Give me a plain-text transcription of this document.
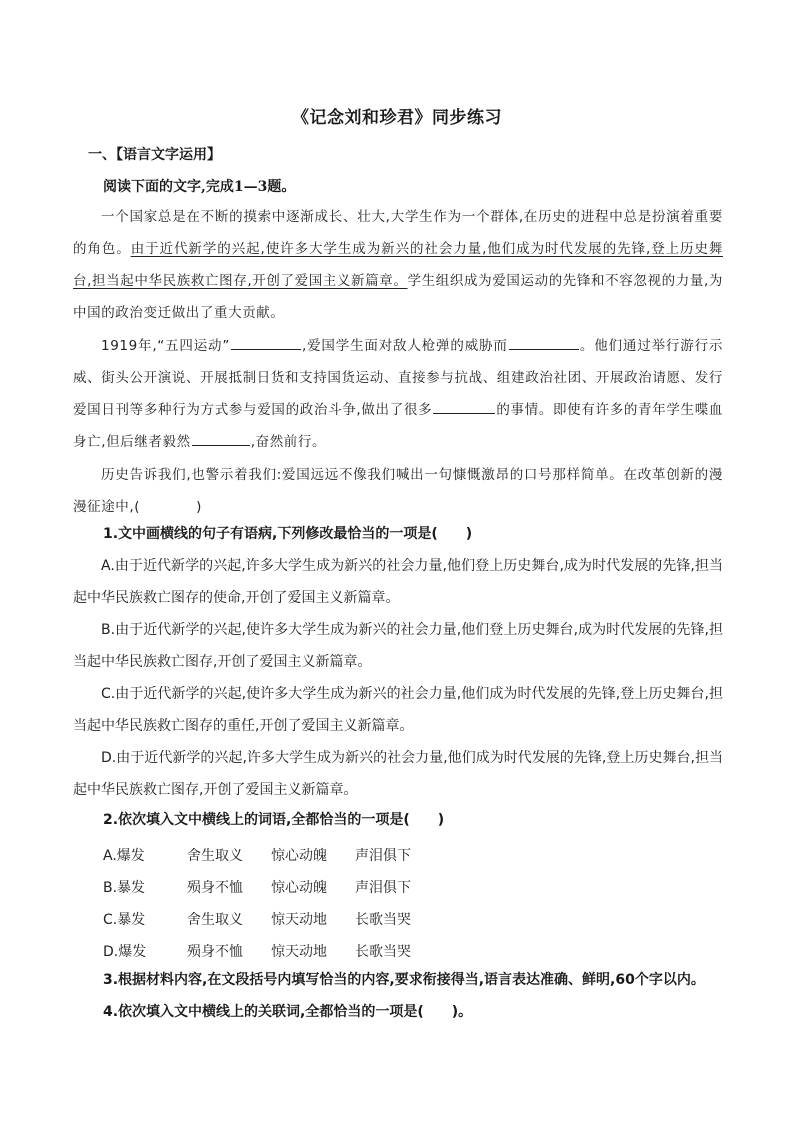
《记念刘和珍君》同步练习
一、【语言文字运用】
阅读下面的文字,完成1—3题。
一个国家总是在不断的摸索中逐渐成长、壮大,大学生作为一个群体,在历史的进程中总是扮演着重要的角色。由于近代新学的兴起,使许多大学生成为新兴的社会力量,他们成为时代发展的先锋,登上历史舞台,担当起中华民族救亡图存,开创了爱国主义新篇章。学生组织成为爱国运动的先锋和不容忽视的力量,为中国的政治变迁做出了重大贡献。
1919年,“五四运动”	,爱国学生面对敌人枪弹的威胁而	。他们通过举行游行示威、街头公开演说、开展抵制日货和支持国货运动、直接参与抗战、组建政治社团、开展政治请愿、发行爱国日刊等多种行为方式参与爱国的政治斗争,做出了很多	的事情。即使有许多的青年学生喋血身亡,但后继者毅然	,奋然前行。
历史告诉我们,也警示着我们:爱国远远不像我们喊出一句慷慨激昂的口号那样简单。在改革创新的漫漫征途中,(	)
1.文中画横线的句子有语病,下列修改最恰当的一项是(　　)
A.由于近代新学的兴起,许多大学生成为新兴的社会力量,他们登上历史舞台,成为时代发展的先锋,担当起中华民族救亡图存的使命,开创了爱国主义新篇章。
B.由于近代新学的兴起,使许多大学生成为新兴的社会力量,他们登上历史舞台,成为时代发展的先锋,担当起中华民族救亡图存,开创了爱国主义新篇章。
C.由于近代新学的兴起,使许多大学生成为新兴的社会力量,他们成为时代发展的先锋,登上历史舞台,担当起中华民族救亡图存的重任,开创了爱国主义新篇章。
D.由于近代新学的兴起,许多大学生成为新兴的社会力量,他们成为时代发展的先锋,登上历史舞台,担当起中华民族救亡图存,开创了爱国主义新篇章。
2.依次填入文中横线上的词语,全都恰当的一项是(　　)
A.爆发	舍生取义 惊心动魄 声泪俱下
B.暴发	殒身不恤 惊心动魄 声泪俱下
C.暴发	舍生取义 惊天动地 长歌当哭
D.爆发	殒身不恤 惊天动地 长歌当哭
3.根据材料内容,在文段括号内填写恰当的内容,要求衔接得当,语言表达准确、鲜明,60个字以内。
4.依次填入文中横线上的关联词,全都恰当的一项是(　　)。
